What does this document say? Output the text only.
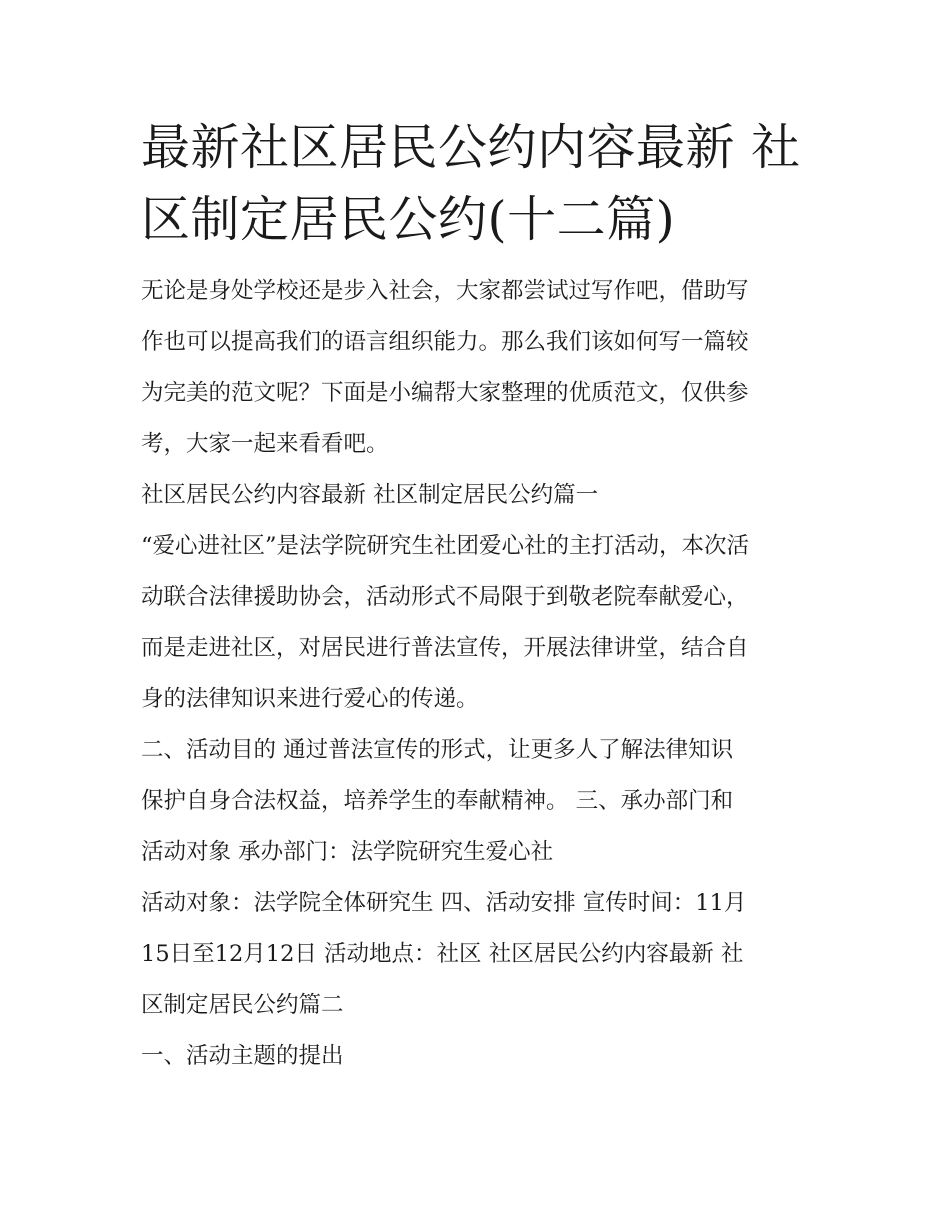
最新社区居民公约内容最新 社
区制定居民公约(十二篇)

无论是身处学校还是步入社会，大家都尝试过写作吧，借助写
作也可以提高我们的语言组织能力。那么我们该如何写一篇较
为完美的范文呢？下面是小编帮大家整理的优质范文，仅供参
考，大家一起来看看吧。

社区居民公约内容最新 社区制定居民公约篇一

“爱心进社区”是法学院研究生社团爱心社的主打活动，本次活
动联合法律援助协会，活动形式不局限于到敬老院奉献爱心，
而是走进社区，对居民进行普法宣传，开展法律讲堂，结合自
身的法律知识来进行爱心的传递。

二、活动目的 通过普法宣传的形式，让更多人了解法律知识
保护自身合法权益，培养学生的奉献精神。 三、承办部门和
活动对象 承办部门：法学院研究生爱心社

活动对象：法学院全体研究生 四、活动安排 宣传时间：11月
15日至12月12日 活动地点：社区 社区居民公约内容最新 社
区制定居民公约篇二

一、活动主题的提出
